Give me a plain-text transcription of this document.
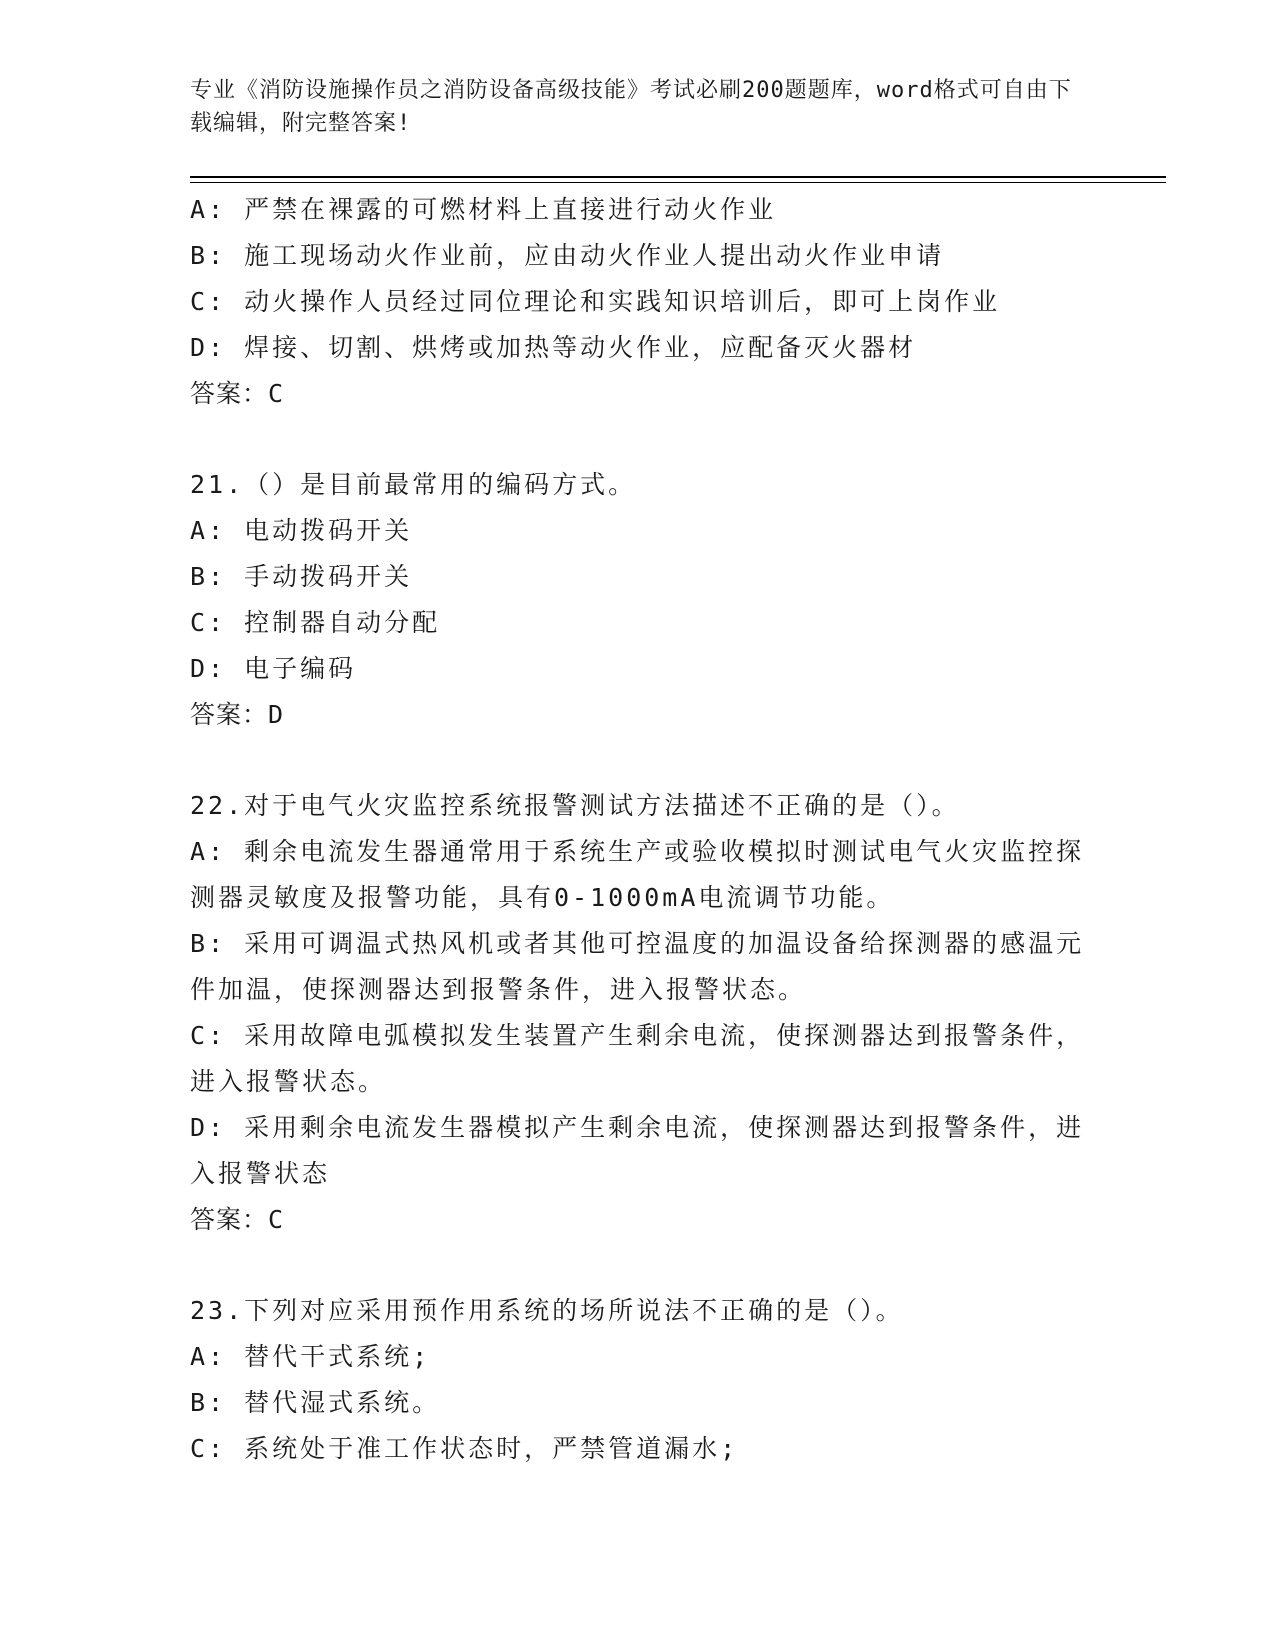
专业《消防设施操作员之消防设备高级技能》考试必刷200题题库，word格式可自由下载编辑，附完整答案!
A: 严禁在裸露的可燃材料上直接进行动火作业
B: 施工现场动火作业前，应由动火作业人提出动火作业申请
C: 动火操作人员经过同位理论和实践知识培训后，即可上岗作业
D: 焊接、切割、烘烤或加热等动火作业，应配备灭火器材
答案：C
21.（）是目前最常用的编码方式。
A: 电动拨码开关
B: 手动拨码开关
C: 控制器自动分配
D: 电子编码
答案：D
22.对于电气火灾监控系统报警测试方法描述不正确的是（）。
A: 剩余电流发生器通常用于系统生产或验收模拟时测试电气火灾监控探测器灵敏度及报警功能，具有0-1000mA电流调节功能。
B: 采用可调温式热风机或者其他可控温度的加温设备给探测器的感温元件加温，使探测器达到报警条件，进入报警状态。
C: 采用故障电弧模拟发生装置产生剩余电流，使探测器达到报警条件，进入报警状态。
D: 采用剩余电流发生器模拟产生剩余电流，使探测器达到报警条件，进入报警状态
答案：C
23.下列对应采用预作用系统的场所说法不正确的是（）。
A: 替代干式系统;
B: 替代湿式系统。
C: 系统处于准工作状态时，严禁管道漏水;
